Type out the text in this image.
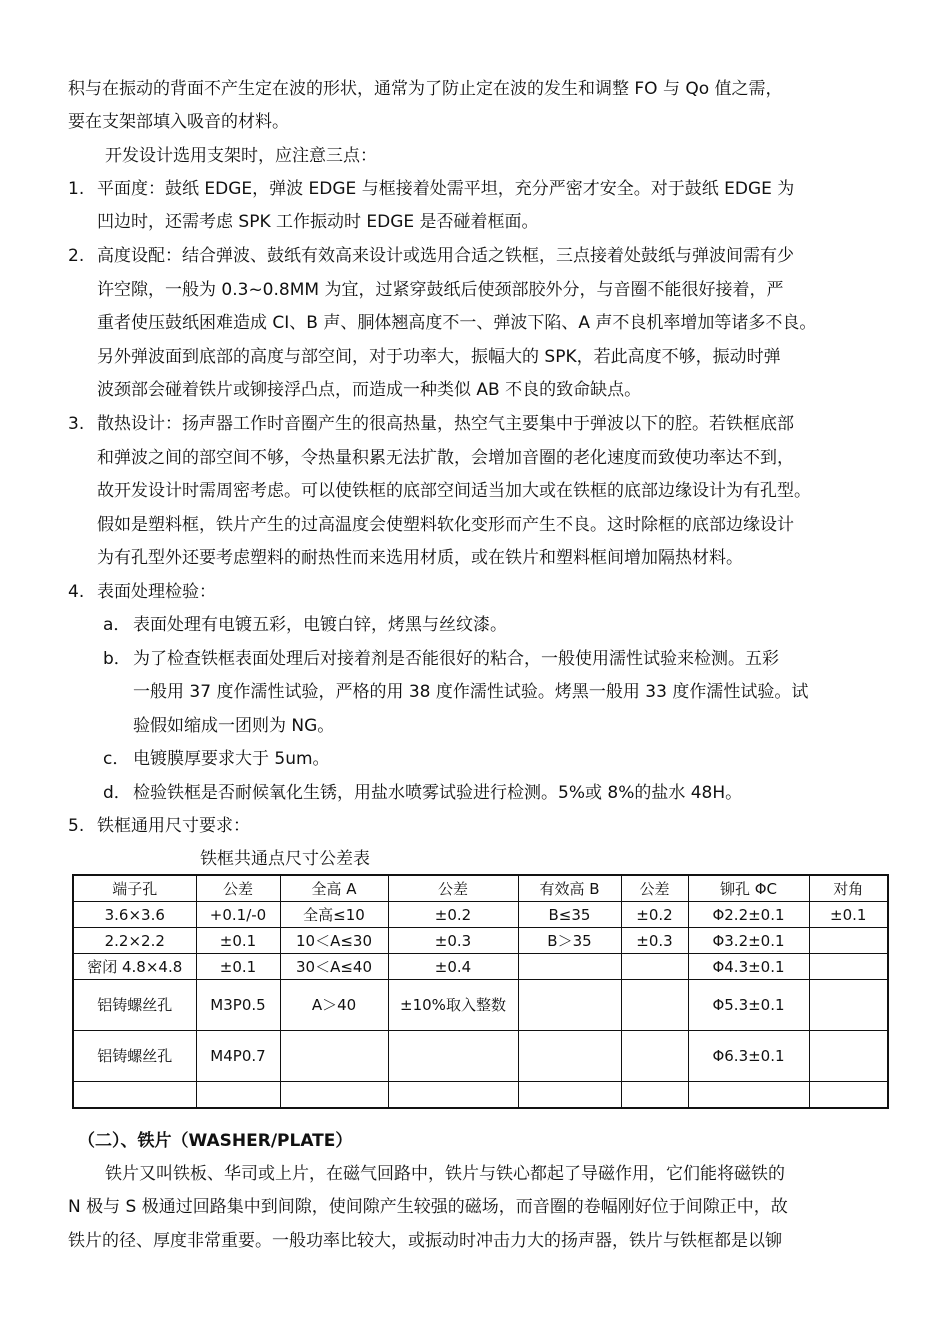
积与在振动的背面不产生定在波的形状，通常为了防止定在波的发生和调整 FO 与 Qo 值之需，
要在支架部填入吸音的材料。
开发设计选用支架时，应注意三点：
1. 平面度：鼓纸 EDGE，弹波 EDGE 与框接着处需平坦，充分严密才安全。对于鼓纸 EDGE 为
凹边时，还需考虑 SPK 工作振动时 EDGE 是否碰着框面。
2. 高度设配：结合弹波、鼓纸有效高来设计或选用合适之铁框，三点接着处鼓纸与弹波间需有少
许空隙，一般为 0.3~0.8MM 为宜，过紧穿鼓纸后使颈部胶外分，与音圈不能很好接着，严
重者使压鼓纸困难造成 CI、B 声、胴体翘高度不一、弹波下陷、A 声不良机率增加等诸多不良。
另外弹波面到底部的高度与部空间，对于功率大，振幅大的 SPK，若此高度不够，振动时弹
波颈部会碰着铁片或铆接浮凸点，而造成一种类似 AB 不良的致命缺点。
3. 散热设计：扬声器工作时音圈产生的很高热量，热空气主要集中于弹波以下的腔。若铁框底部
和弹波之间的部空间不够，令热量积累无法扩散，会增加音圈的老化速度而致使功率达不到，
故开发设计时需周密考虑。可以使铁框的底部空间适当加大或在铁框的底部边缘设计为有孔型。
假如是塑料框，铁片产生的过高温度会使塑料软化变形而产生不良。这时除框的底部边缘设计
为有孔型外还要考虑塑料的耐热性而来选用材质，或在铁片和塑料框间增加隔热材料。
4. 表面处理检验：
a． 表面处理有电镀五彩，电镀白锌，烤黑与丝纹漆。
b． 为了检查铁框表面处理后对接着剂是否能很好的粘合，一般使用濡性试验来检测。五彩
一般用 37 度作濡性试验，严格的用 38 度作濡性试验。烤黑一般用 33 度作濡性试验。试
验假如缩成一团则为 NG。
c． 电镀膜厚要求大于 5um。
d． 检验铁框是否耐候氧化生锈，用盐水喷雾试验进行检测。5%或 8%的盐水 48H。
5. 铁框通用尺寸要求：
铁框共通点尺寸公差表
端子孔	公差	全高 A	公差	有效高 B	公差	铆孔 ΦC	对角
3.6×3.6	+0.1/-0	全高≤10	±0.2	B≤35	±0.2	Φ2.2±0.1	±0.1
2.2×2.2	±0.1	10＜A≤30	±0.3	B＞35	±0.3	Φ3.2±0.1	
密闭 4.8×4.8	±0.1	30＜A≤40	±0.4			Φ4.3±0.1	
铝铸螺丝孔	M3P0.5	A＞40	±10%取入整数			Φ5.3±0.1	
铝铸螺丝孔	M4P0.7					Φ6.3±0.1	

（二）、铁片（WASHER/PLATE）
铁片又叫铁板、华司或上片，在磁气回路中，铁片与铁心都起了导磁作用，它们能将磁铁的
N 极与 S 极通过回路集中到间隙，使间隙产生较强的磁场，而音圈的卷幅刚好位于间隙正中，故
铁片的径、厚度非常重要。一般功率比较大，或振动时冲击力大的扬声器，铁片与铁框都是以铆
